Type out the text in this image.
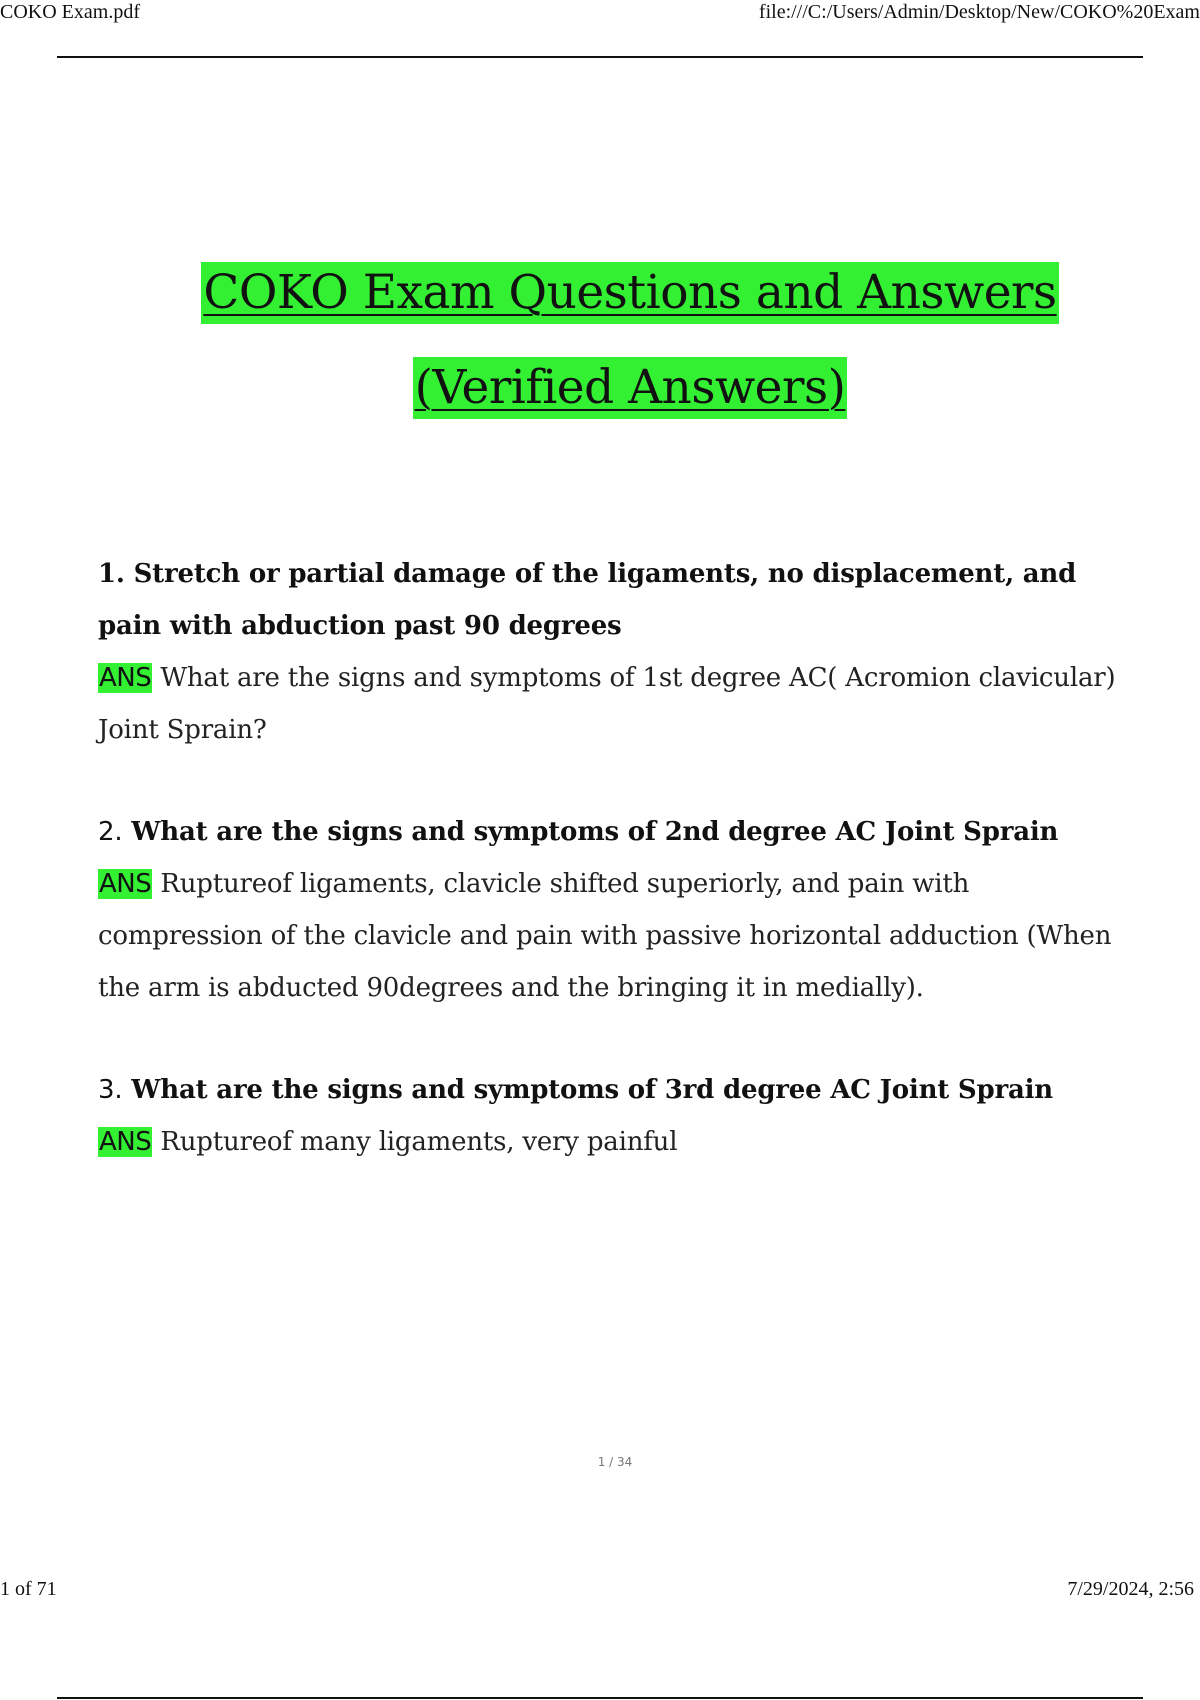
COKO Exam.pdf	file:///C:/Users/Admin/Desktop/New/COKO%20Exam
COKO Exam Questions and Answers
(Verified Answers)

1. Stretch or partial damage of the ligaments, no displacement, and pain with abduction past 90 degrees

ANS What are the signs and symptoms of 1st degree AC( Acromion clavicular) Joint Sprain?

2. What are the signs and symptoms of 2nd degree AC Joint Sprain

ANS Ruptureof ligaments, clavicle shifted superiorly, and pain with compression of the clavicle and pain with passive horizontal adduction (When the arm is abducted 90degrees and the bringing it in medially).

3. What are the signs and symptoms of 3rd degree AC Joint Sprain

ANS Ruptureof many ligaments, very painful

1 / 34
1 of 71	7/29/2024, 2:56
